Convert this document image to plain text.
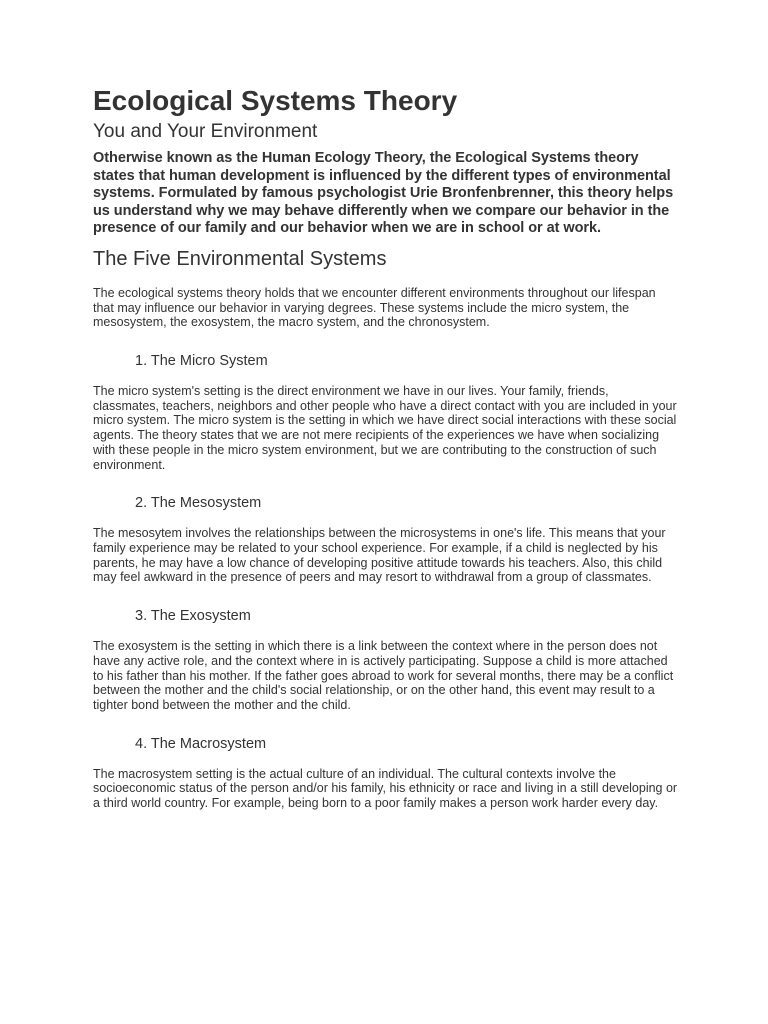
Ecological Systems Theory
You and Your Environment

Otherwise known as the Human Ecology Theory, the Ecological Systems theory states that human development is influenced by the different types of environmental systems. Formulated by famous psychologist Urie Bronfenbrenner, this theory helps us understand why we may behave differently when we compare our behavior in the presence of our family and our behavior when we are in school or at work.

The Five Environmental Systems

The ecological systems theory holds that we encounter different environments throughout our lifespan that may influence our behavior in varying degrees. These systems include the micro system, the mesosystem, the exosystem, the macro system, and the chronosystem.

1. The Micro System

The micro system's setting is the direct environment we have in our lives. Your family, friends, classmates, teachers, neighbors and other people who have a direct contact with you are included in your micro system. The micro system is the setting in which we have direct social interactions with these social agents. The theory states that we are not mere recipients of the experiences we have when socializing with these people in the micro system environment, but we are contributing to the construction of such environment.

2. The Mesosystem

The mesosytem involves the relationships between the microsystems in one's life. This means that your family experience may be related to your school experience. For example, if a child is neglected by his parents, he may have a low chance of developing positive attitude towards his teachers. Also, this child may feel awkward in the presence of peers and may resort to withdrawal from a group of classmates.

3. The Exosystem

The exosystem is the setting in which there is a link between the context where in the person does not have any active role, and the context where in is actively participating. Suppose a child is more attached to his father than his mother. If the father goes abroad to work for several months, there may be a conflict between the mother and the child's social relationship, or on the other hand, this event may result to a tighter bond between the mother and the child.

4. The Macrosystem

The macrosystem setting is the actual culture of an individual. The cultural contexts involve the socioeconomic status of the person and/or his family, his ethnicity or race and living in a still developing or a third world country. For example, being born to a poor family makes a person work harder every day.
